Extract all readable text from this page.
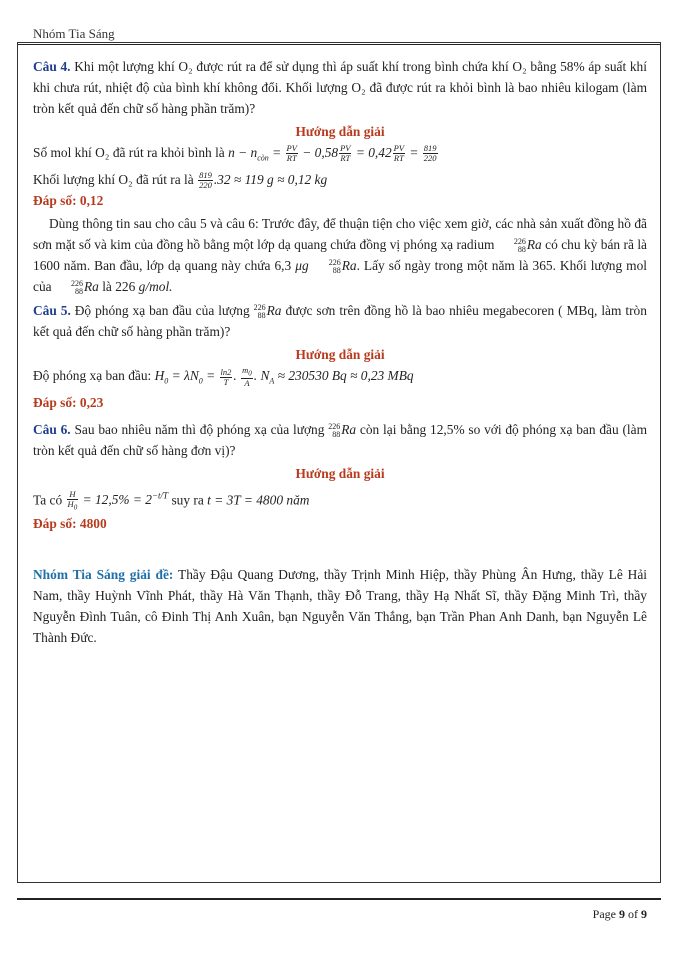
Nhóm Tia Sáng

Câu 4. Khi một lượng khí O₂ được rút ra để sử dụng thì áp suất khí trong bình chứa khí O₂ bằng 58% áp suất khí khi chưa rút, nhiệt độ của bình khí không đổi. Khối lượng O₂ đã được rút ra khỏi bình là bao nhiêu kilogam (làm tròn kết quả đến chữ số hàng phần trăm)?

Hướng dẫn giải

Số mol khí O₂ đã rút ra khỏi bình là $n - n_{còn} = \frac{PV}{RT} - 0,58 \frac{PV}{RT} = 0,42 \frac{PV}{RT} = \frac{819}{220}$

Khối lượng khí O₂ đã rút ra là $\frac{819}{220} .32 \approx 119$ g ≈ 0,12 kg

Đáp số: 0,12

Dùng thông tin sau cho câu 5 và câu 6: Trước đây, để thuận tiện cho việc xem giờ, các nhà sản xuất đồng hồ đã sơn mặt số và kim của đồng hồ bằng một lớp dạ quang chứa đồng vị phóng xạ radium	226
88 Ra có chu kỳ bán rã là 1600 năm. Ban đầu, lớp dạ quang này chứa 6,3 μg	226
88 Ra. Lấy số ngày trong một năm là 365. Khối lượng mol của	226
88 Ra là 226 g/mol.

Câu 5. Độ phóng xạ ban đầu của lượng 226
88 Ra được sơn trên đồng hồ là bao nhiêu megabecoren ( MBq, làm tròn kết quả đến chữ số hàng phần trăm)?

Hướng dẫn giải

Độ phóng xạ ban đầu: $H_0 = \lambda N_0 = \frac{\ln 2}{T}$ . $\frac{m_0}{A}$ . $N_A \approx 230530$ Bq ≈ 0,23 MBq

Đáp số: 0,23

Câu 6. Sau bao nhiêu năm thì độ phóng xạ của lượng 226
88 Ra còn lại bằng 12,5% so với độ phóng xạ ban đầu (làm tròn kết quả đến chữ số hàng đơn vị)?

Hướng dẫn giải

Ta có $\frac{H}{H_0} = 12,5\% = 2^{-t/T}$ suy ra t = 3T = 4800 năm

Đáp số: 4800

Nhóm Tia Sáng giải đề: Thầy Đậu Quang Dương, thầy Trịnh Minh Hiệp, thầy Phùng Ân Hưng, thầy Lê Hải Nam, thầy Huỳnh Vĩnh Phát, thầy Hà Văn Thạnh, thầy Đỗ Trang, thầy Hạ Nhất Sĩ, thầy Đặng Minh Trì, thầy Nguyễn Đình Tuân, cô Đinh Thị Anh Xuân, bạn Nguyễn Văn Thắng, bạn Trần Phan Anh Danh, bạn Nguyễn Lê Thành Đức.

Page 9 of 9
